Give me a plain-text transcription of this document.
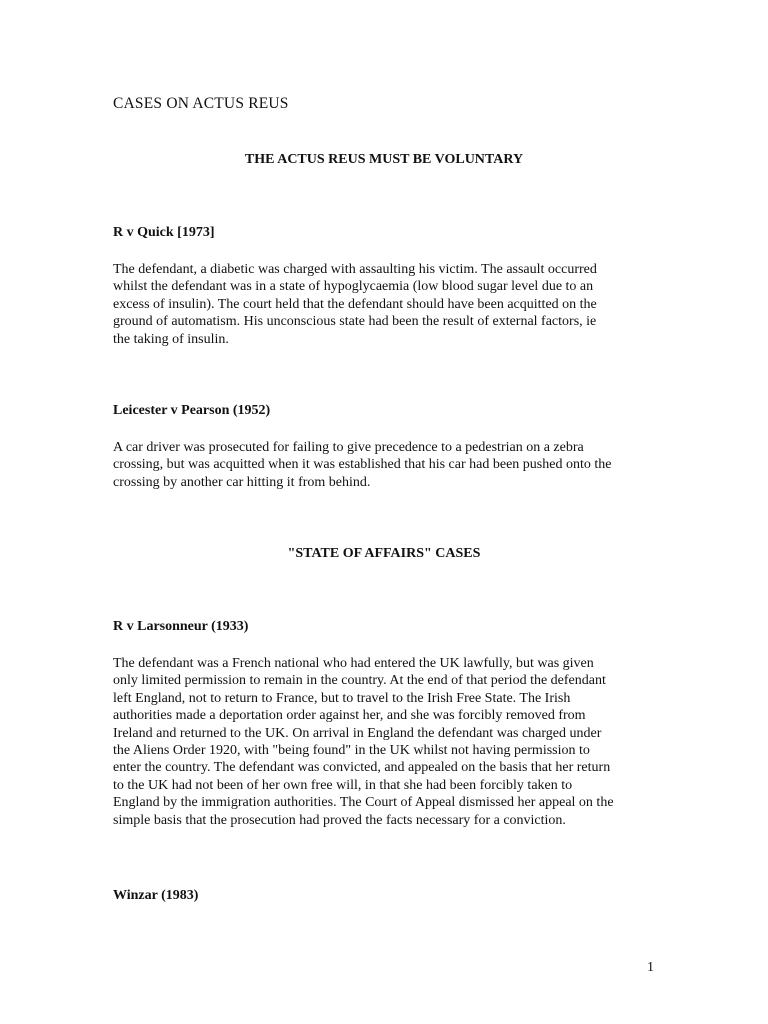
CASES ON ACTUS REUS
THE ACTUS REUS MUST BE VOLUNTARY
R v Quick [1973]

The defendant, a diabetic was charged with assaulting his victim. The assault occurred
whilst the defendant was in a state of hypoglycaemia (low blood sugar level due to an
excess of insulin). The court held that the defendant should have been acquitted on the
ground of automatism. His unconscious state had been the result of external factors, ie
the taking of insulin.

Leicester v Pearson (1952)

A car driver was prosecuted for failing to give precedence to a pedestrian on a zebra
crossing, but was acquitted when it was established that his car had been pushed onto the
crossing by another car hitting it from behind.

"STATE OF AFFAIRS" CASES
R v Larsonneur (1933)

The defendant was a French national who had entered the UK lawfully, but was given
only limited permission to remain in the country. At the end of that period the defendant
left England, not to return to France, but to travel to the Irish Free State. The Irish
authorities made a deportation order against her, and she was forcibly removed from
Ireland and returned to the UK. On arrival in England the defendant was charged under
the Aliens Order 1920, with "being found" in the UK whilst not having permission to
enter the country. The defendant was convicted, and appealed on the basis that her return
to the UK had not been of her own free will, in that she had been forcibly taken to
England by the immigration authorities. The Court of Appeal dismissed her appeal on the
simple basis that the prosecution had proved the facts necessary for a conviction.

Winzar (1983)
1
